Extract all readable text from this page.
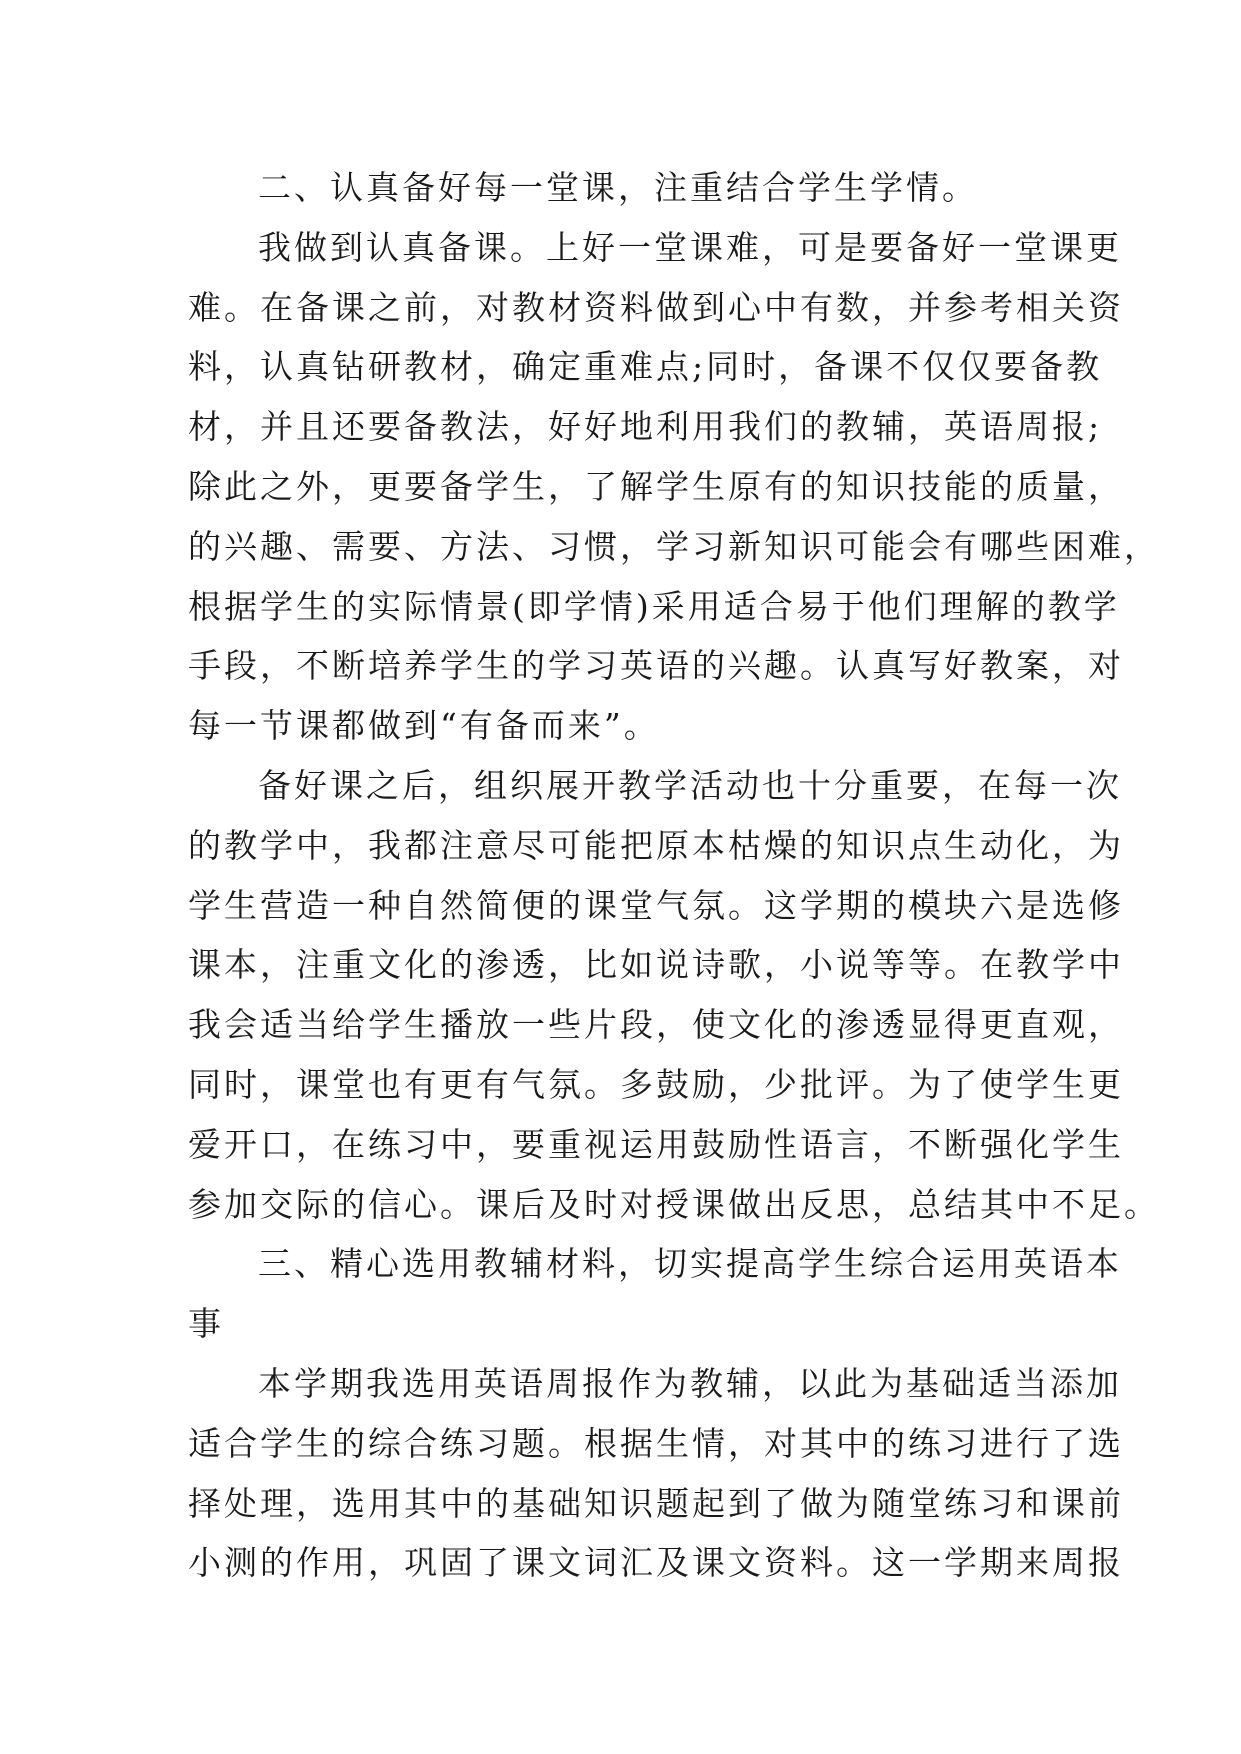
二、认真备好每一堂课，注重结合学生学情。
我做到认真备课。上好一堂课难，可是要备好一堂课更
难。在备课之前，对教材资料做到心中有数，并参考相关资
料，认真钻研教材，确定重难点;同时，备课不仅仅要备教
材，并且还要备教法，好好地利用我们的教辅，英语周报;
除此之外，更要备学生，了解学生原有的知识技能的质量，
的兴趣、需要、方法、习惯，学习新知识可能会有哪些困难，
根据学生的实际情景(即学情)采用适合易于他们理解的教学
手段，不断培养学生的学习英语的兴趣。认真写好教案，对
每一节课都做到“有备而来”。
备好课之后，组织展开教学活动也十分重要，在每一次
的教学中，我都注意尽可能把原本枯燥的知识点生动化，为
学生营造一种自然简便的课堂气氛。这学期的模块六是选修
课本，注重文化的渗透，比如说诗歌，小说等等。在教学中
我会适当给学生播放一些片段，使文化的渗透显得更直观，
同时，课堂也有更有气氛。多鼓励，少批评。为了使学生更
爱开口，在练习中，要重视运用鼓励性语言，不断强化学生
参加交际的信心。课后及时对授课做出反思，总结其中不足。
三、精心选用教辅材料，切实提高学生综合运用英语本
事
本学期我选用英语周报作为教辅，以此为基础适当添加
适合学生的综合练习题。根据生情，对其中的练习进行了选
择处理，选用其中的基础知识题起到了做为随堂练习和课前
小测的作用，巩固了课文词汇及课文资料。这一学期来周报
